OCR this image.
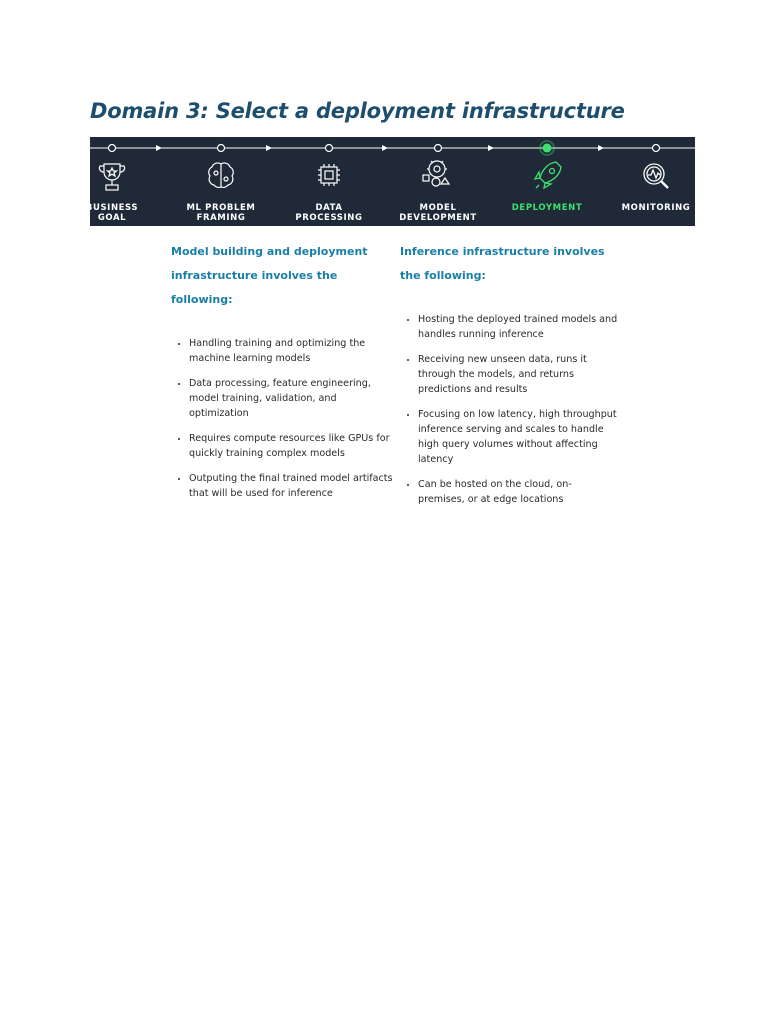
Domain 3: Select a deployment infrastructure
BUSINESS
GOAL
ML PROBLEM
FRAMING
DATA
PROCESSING
MODEL
DEVELOPMENT
DEPLOYMENT	MONITORING
Model building and deployment infrastructure involves the following:
• Handling training and optimizing the machine learning models
• Data processing, feature engineering, model training, validation, and optimization
• Requires compute resources like GPUs for quickly training complex models
• Outputing the final trained model artifacts that will be used for inference
Inference infrastructure involves the following:
• Hosting the deployed trained models and handles running inference
• Receiving new unseen data, runs it through the models, and returns predictions and results
• Focusing on low latency, high throughput inference serving and scales to handle high query volumes without affecting latency
• Can be hosted on the cloud, on-premises, or at edge locations
